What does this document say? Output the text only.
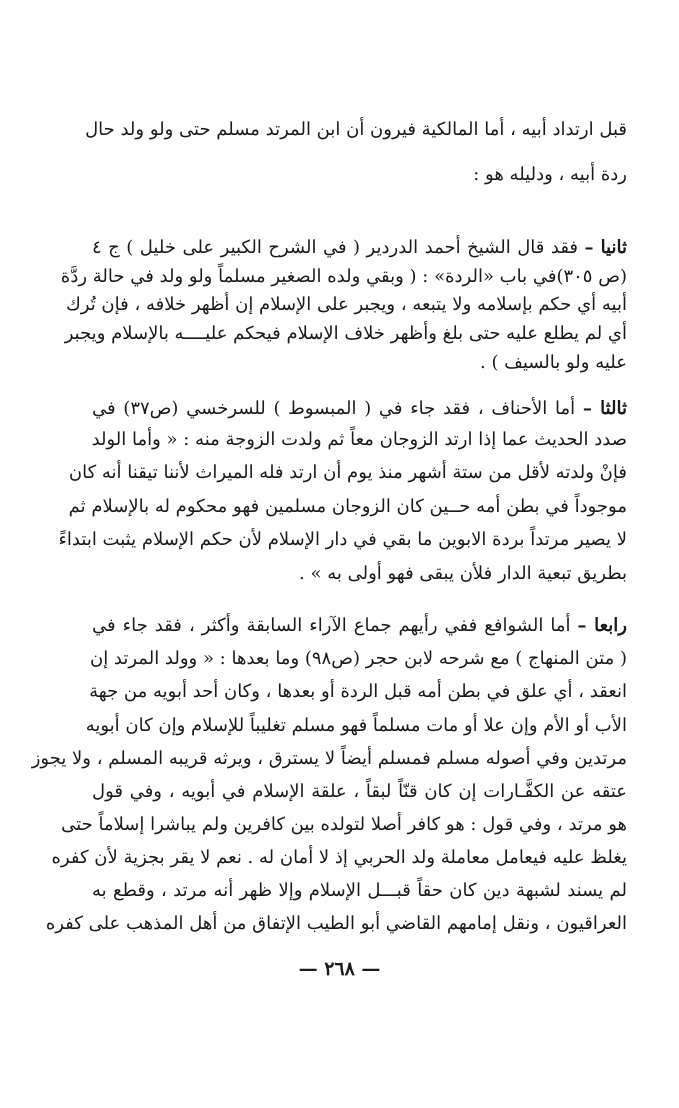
قبل ارتداد أبيه ، أما المالكية فيرون أن ابن المرتد مسلم حتى ولو ولد حال
ردة أبيه ، ودليله هو :
ثانيا – فقد قال الشيخ أحمد الدردير ( في الشرح الكبير على خليل ) ج ٤
(ص ٣٠٥)في باب «الردة» : ( وبقي ولده الصغير مسلماً ولو ولد في حالة ردَّة
أبيه أي حكم بإسلامه ولا يتبعه ، ويجبر على الإسلام إن أظهر خلافه ، فإن تُرك
أي لم يطلع عليه حتى بلغ وأظهر خلاف الإسلام فيحكم عليــــه بالإسلام ويجبر
عليه ولو بالسيف ) .
ثالثا – أما الأحناف ، فقد جاء في ( المبسوط ) للسرخسي (ص٣٧) في
صدد الحديث عما إذا ارتد الزوجان معاً ثم ولدت الزوجة منه : « وأما الولد
فإنْ ولدته لأقل من ستة أشهر منذ يوم أن ارتد فله الميراث لأننا تيقنا أنه كان
موجوداً في بطن أمه حــين كان الزوجان مسلمين فهو محكوم له بالإسلام ثم
لا يصير مرتداً بردة الابوين ما بقي في دار الإسلام لأن حكم الإسلام يثبت ابتداءً
بطريق تبعية الدار فلأن يبقى فهو أولى به » .
رابعا – أما الشوافع ففي رأيهم جماع الآراء السابقة وأكثر ، فقد جاء في
( متن المنهاج ) مع شرحه لابن حجر (ص٩٨) وما بعدها : « وولد المرتد إن
انعقد ، أي علق في بطن أمه قبل الردة أو بعدها ، وكان أحد أبويه من جهة
الأب أو الأم وإن علا أو مات مسلماً فهو مسلم تغليباً للإسلام وإن كان أبويه
مرتدين وفي أصوله مسلم فمسلم أيضاً لا يسترق ، ويرثه قريبه المسلم ، ولا يجوز
عتقه عن الكفَّـارات إن كان قنّاً لبقاً ، علقة الإسلام في أبويه ، وفي قول
هو مرتد ، وفي قول : هو كافر أصلا لتولده بين كافرين ولم يباشرا إسلاماً حتى
يغلظ عليه فيعامل معاملة ولد الحربي إذ لا أمان له . نعم لا يقر بجزية لأن كفره
لم يسند لشبهة دين كان حقاً قبـــل الإسلام وإلا ظهر أنه مرتد ، وقطع به
العراقيون ، ونقل إمامهم القاضي أبو الطيب الإتفاق من أهل المذهب على كفره
— ٢٦٨ —
